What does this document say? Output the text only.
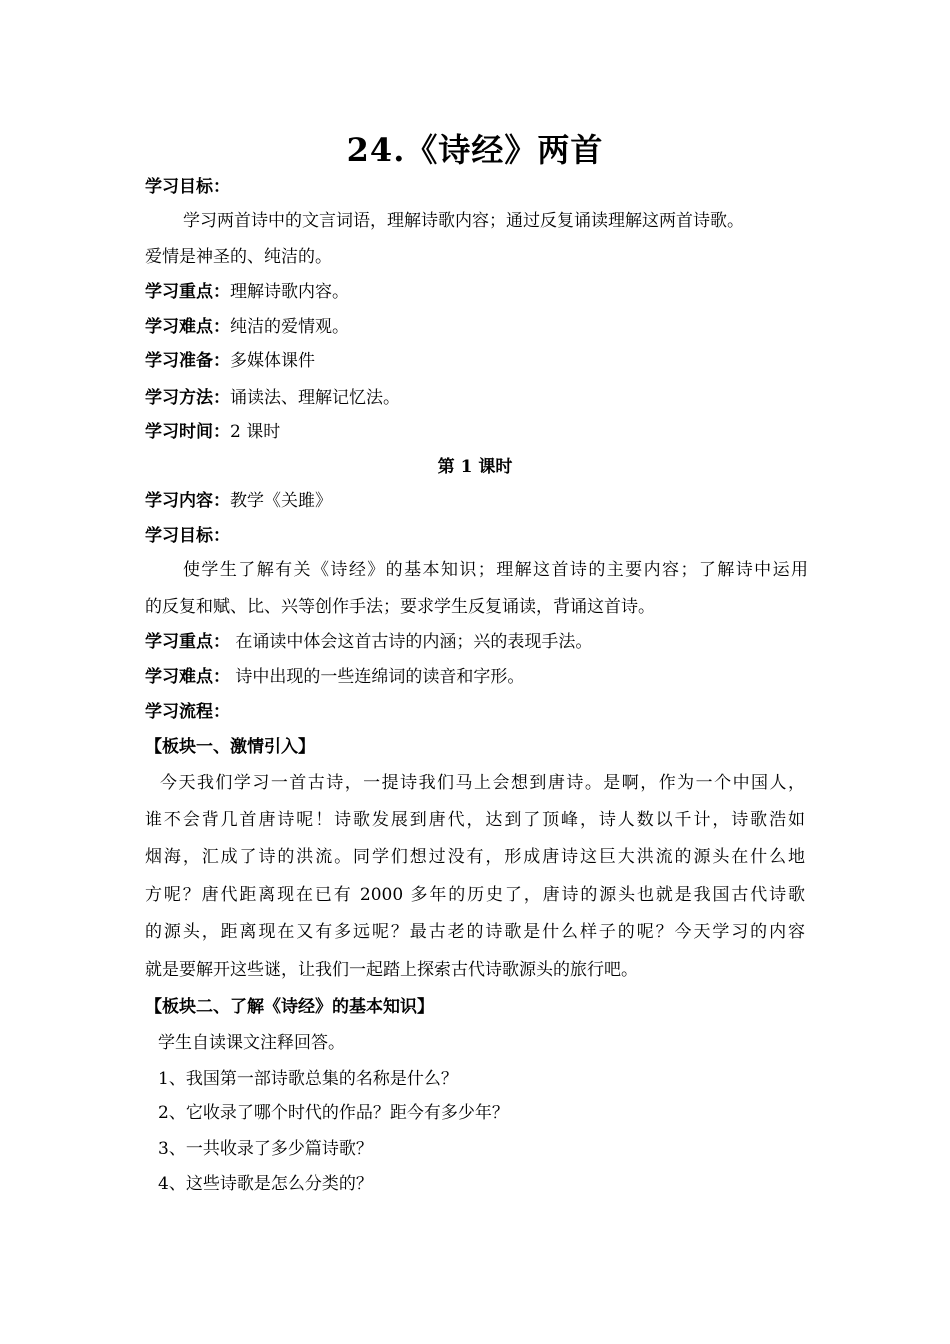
24.《诗经》两首
学习目标：
学习两首诗中的文言词语，理解诗歌内容；通过反复诵读理解这两首诗歌。
爱情是神圣的、纯洁的。
学习重点：理解诗歌内容。
学习难点：纯洁的爱情观。
学习准备：多媒体课件
学习方法：诵读法、理解记忆法。
学习时间：2 课时
第 1 课时
学习内容：教学《关雎》
学习目标：
使学生了解有关《诗经》的基本知识；理解这首诗的主要内容；了解诗中运用
的反复和赋、比、兴等创作手法；要求学生反复诵读，背诵这首诗。
学习重点： 在诵读中体会这首古诗的内涵；兴的表现手法。
学习难点： 诗中出现的一些连绵词的读音和字形。
学习流程：
【板块一、激情引入】
今天我们学习一首古诗，一提诗我们马上会想到唐诗。是啊，作为一个中国人，
谁不会背几首唐诗呢！诗歌发展到唐代，达到了顶峰，诗人数以千计，诗歌浩如
烟海，汇成了诗的洪流。同学们想过没有，形成唐诗这巨大洪流的源头在什么地
方呢？唐代距离现在已有 2000 多年的历史了，唐诗的源头也就是我国古代诗歌
的源头，距离现在又有多远呢？最古老的诗歌是什么样子的呢？今天学习的内容
就是要解开这些谜，让我们一起踏上探索古代诗歌源头的旅行吧。
【板块二、了解《诗经》的基本知识】
学生自读课文注释回答。
1、我国第一部诗歌总集的名称是什么？
2、它收录了哪个时代的作品？距今有多少年？
3、一共收录了多少篇诗歌？
4、这些诗歌是怎么分类的？
